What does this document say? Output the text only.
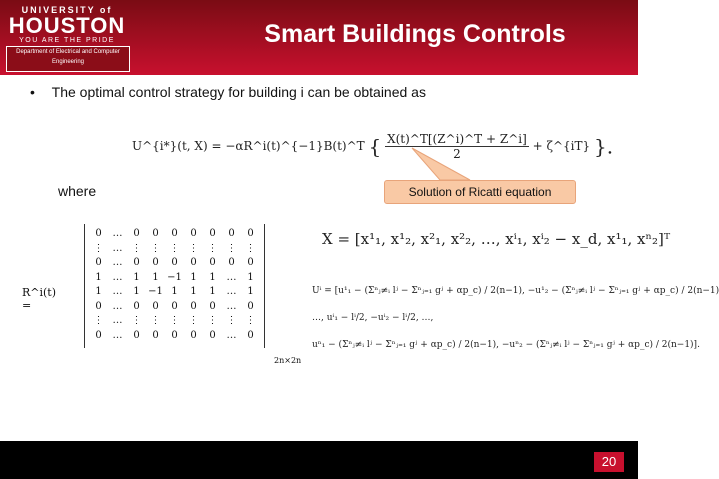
UNIVERSITY of
HOUSTON
YOU ARE THE PRIDE
Department of Electrical and Computer Engineering
Smart Buildings Controls
• The optimal control strategy for building i can be obtained as
U^{i*}(t, X) = −αR^i(t)^{−1}B(t)^T { $\frac{X(t)\^{}T[(Z\^{}i)\^{}T + Z\^{}i]}{2}$ + ζ^{iT} }.
where	Solution of Ricatti equation
R^i(t) =
0	…	0	0	0	0	0	0	0
⋮ … ⋮ ⋮ ⋮ ⋮ ⋮ ⋮ ⋮
0	…	0	0	0	0	0	0	0
1	…	1	1 −1 1	1	…	1
1	…	1 −1 1	1	1	…	1
0	…	0	0	0	0	0	…	0
⋮ … ⋮ ⋮ ⋮ ⋮ ⋮ ⋮ ⋮
0	…	0	0	0	0	0	…	0
2n×2n
X = [x¹₁, x¹₂, x²₁, x²₂, …, xⁱ₁, xⁱ₂ − x_d, x¹₁, xⁿ₂]ᵀ
Uⁱ = [u¹₁ − (Σⁿⱼ≠ᵢ lʲ − Σⁿⱼ₌₁ gʲ + αp_c) / 2(n−1), −u¹₂ − (Σⁿⱼ≠ᵢ lʲ − Σⁿⱼ₌₁ gʲ + αp_c) / 2(n−1)
…, uⁱ₁ − lⁱ/2, −uⁱ₂ − lⁱ/2, …,
uⁿ₁ − (Σⁿⱼ≠ᵢ lʲ − Σⁿⱼ₌₁ gʲ + αp_c) / 2(n−1), −uⁿ₂ − (Σⁿⱼ≠ᵢ lʲ − Σⁿⱼ₌₁ gʲ + αp_c) / 2(n−1)].
20
